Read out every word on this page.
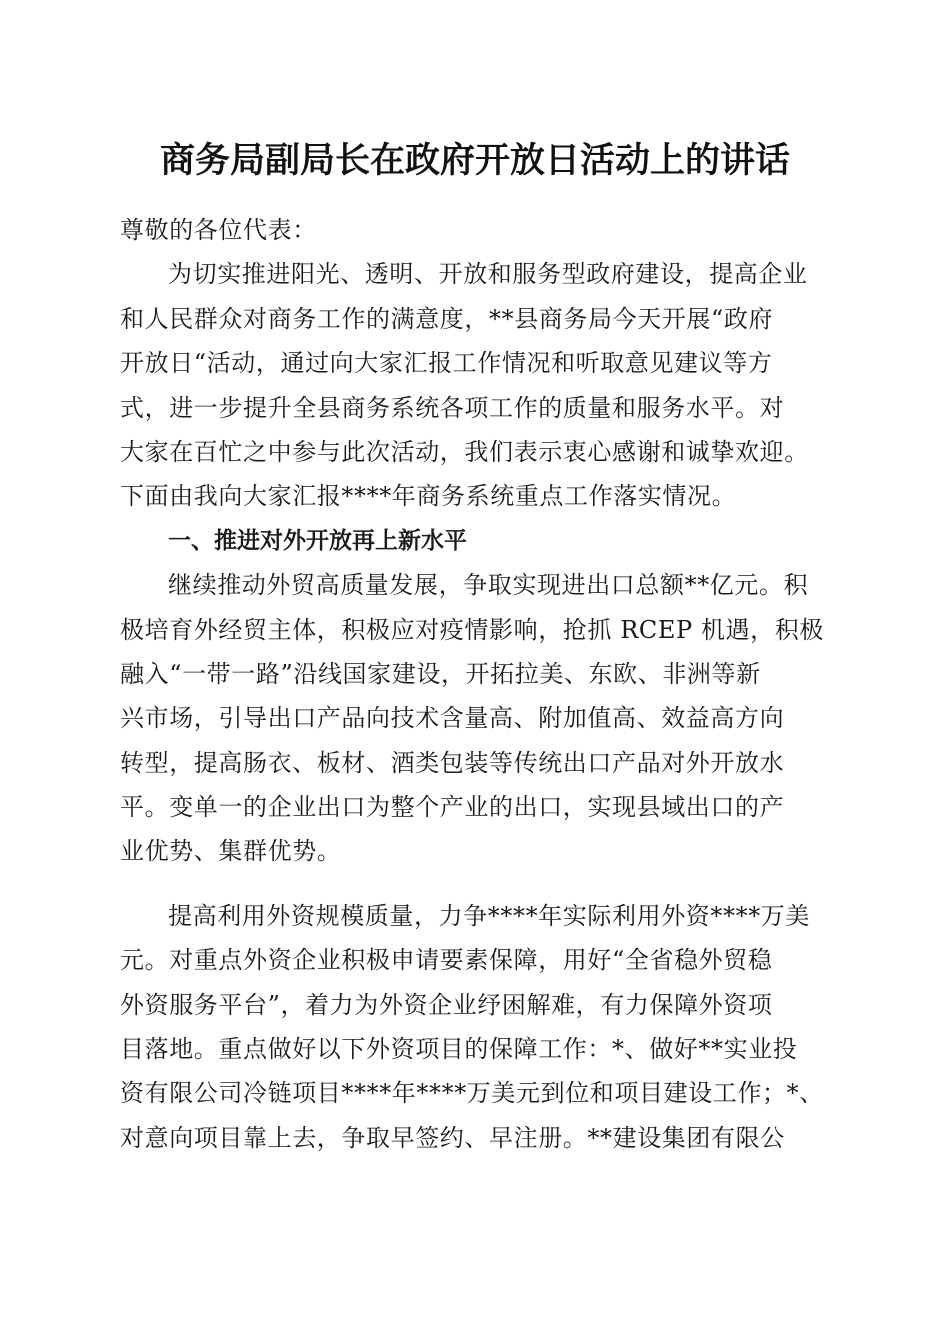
商务局副局长在政府开放日活动上的讲话
尊敬的各位代表：
为切实推进阳光、透明、开放和服务型政府建设，提高企业
和人民群众对商务工作的满意度，**县商务局今天开展“政府
开放日“活动，通过向大家汇报工作情况和听取意见建议等方
式，进一步提升全县商务系统各项工作的质量和服务水平。对
大家在百忙之中参与此次活动，我们表示衷心感谢和诚挚欢迎。
下面由我向大家汇报****年商务系统重点工作落实情况。
一、推进对外开放再上新水平
继续推动外贸高质量发展，争取实现进出口总额**亿元。积
极培育外经贸主体，积极应对疫情影响，抢抓 RCEP 机遇，积极
融入“一带一路”沿线国家建设，开拓拉美、东欧、非洲等新
兴市场，引导出口产品向技术含量高、附加值高、效益高方向
转型，提高肠衣、板材、酒类包装等传统出口产品对外开放水
平。变单一的企业出口为整个产业的出口，实现县域出口的产
业优势、集群优势。
提高利用外资规模质量，力争****年实际利用外资****万美
元。对重点外资企业积极申请要素保障，用好“全省稳外贸稳
外资服务平台”，着力为外资企业纾困解难，有力保障外资项
目落地。重点做好以下外资项目的保障工作：*、做好**实业投
资有限公司冷链项目****年****万美元到位和项目建设工作；*、
对意向项目靠上去，争取早签约、早注册。**建设集团有限公
